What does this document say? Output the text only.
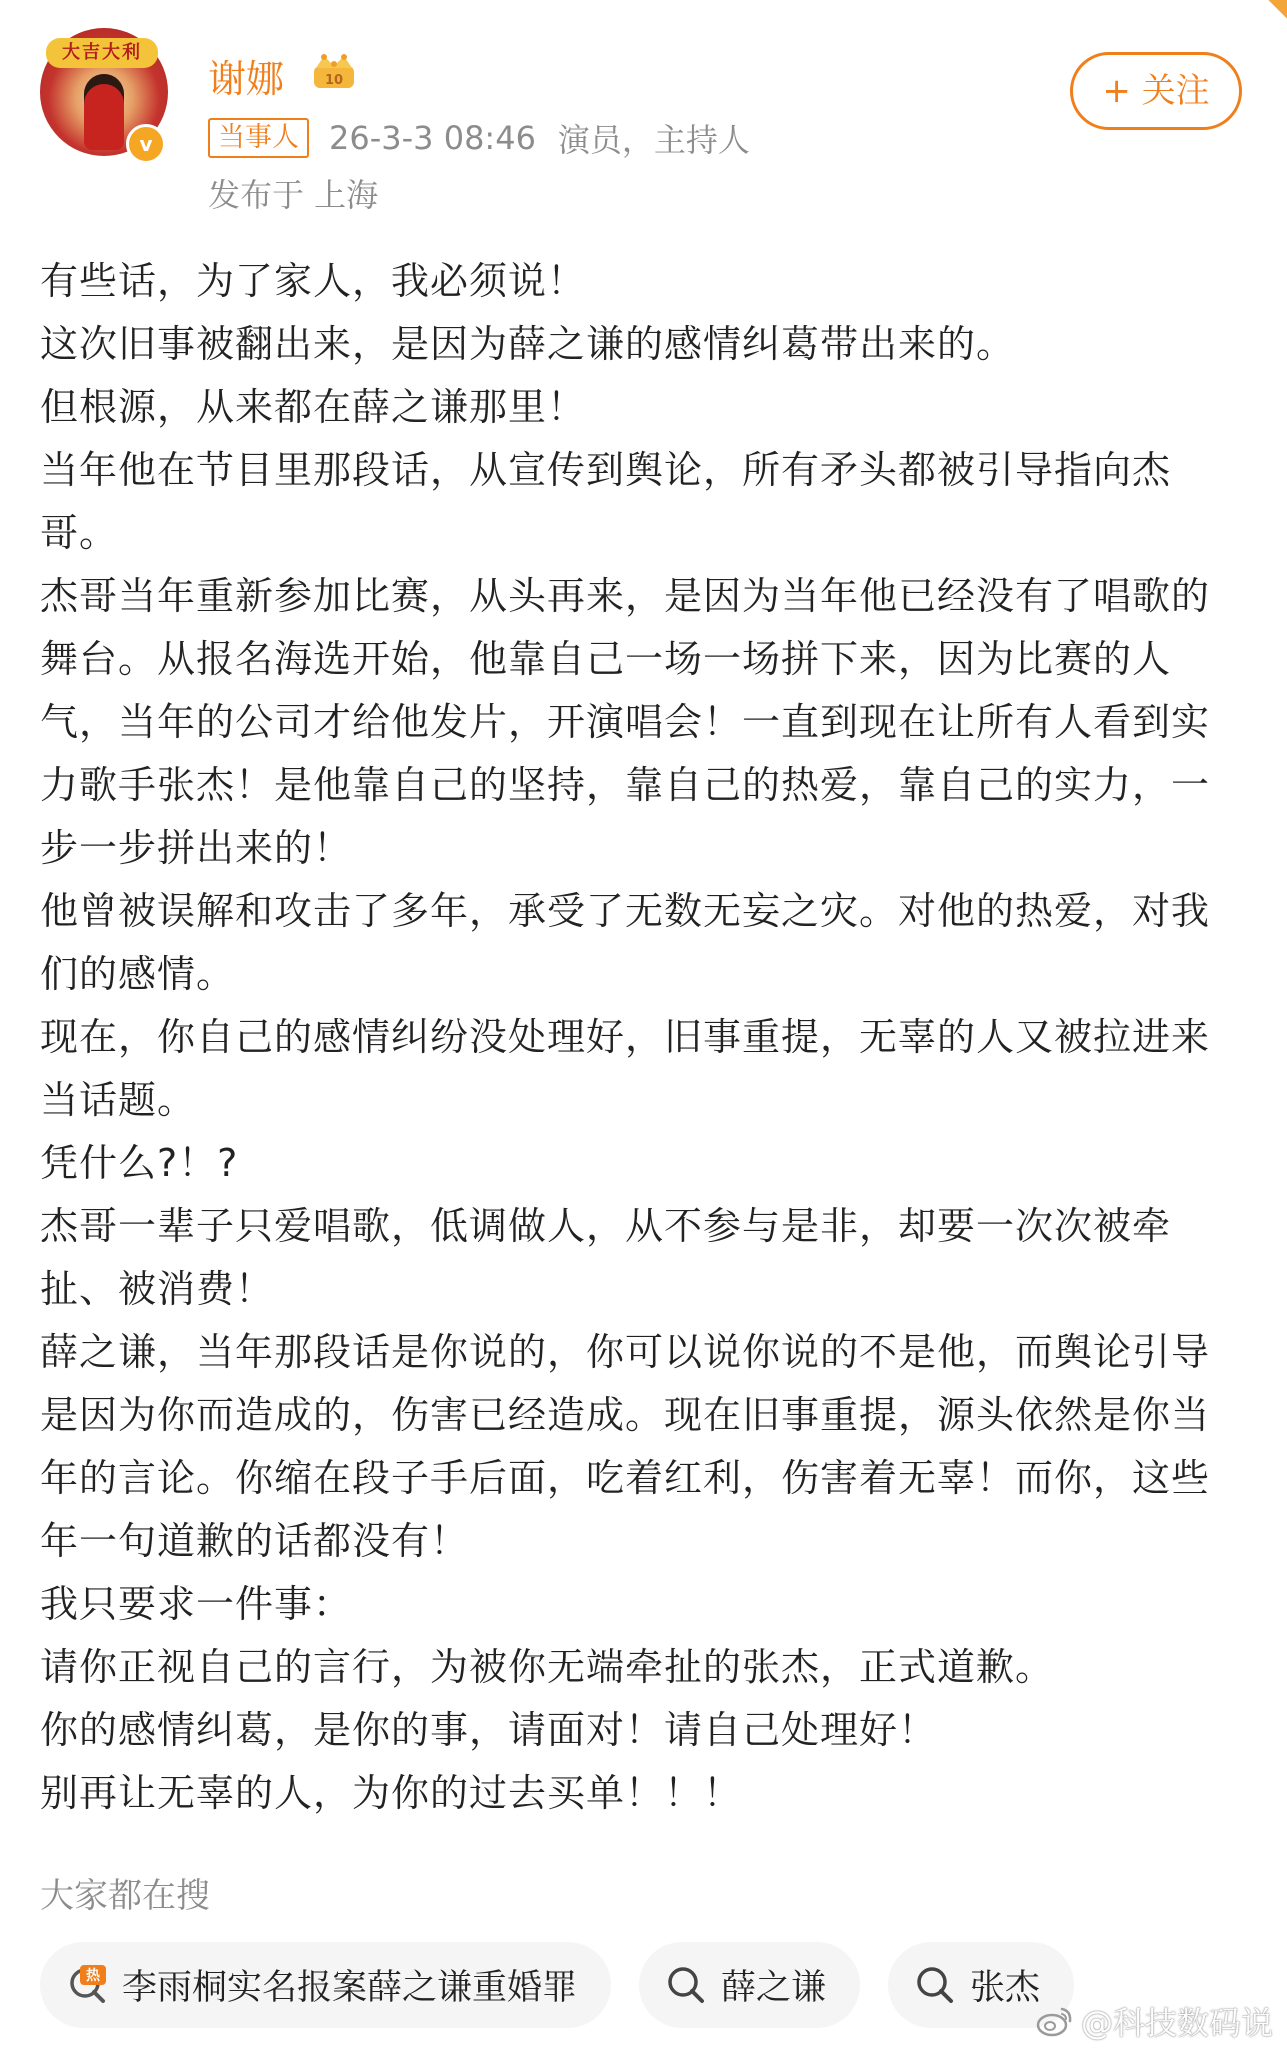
大吉大利
v
谢娜	10	+ 关注
当事人 26-3-3 08:46 演员，主持人
发布于 上海

有些话，为了家人，我必须说！

这次旧事被翻出来，是因为薛之谦的感情纠葛带出来的。

但根源，从来都在薛之谦那里！

当年他在节目里那段话，从宣传到舆论，所有矛头都被引导指向杰哥。

杰哥当年重新参加比赛，从头再来，是因为当年他已经没有了唱歌的舞台。从报名海选开始，他靠自己一场一场拼下来，因为比赛的人气，当年的公司才给他发片，开演唱会！一直到现在让所有人看到实力歌手张杰！是他靠自己的坚持，靠自己的热爱，靠自己的实力，一步一步拼出来的！

他曾被误解和攻击了多年，承受了无数无妄之灾。对他的热爱，对我们的感情。

现在，你自己的感情纠纷没处理好，旧事重提，无辜的人又被拉进来当话题。

凭什么?！?

杰哥一辈子只爱唱歌，低调做人，从不参与是非，却要一次次被牵扯、被消费！

薛之谦，当年那段话是你说的，你可以说你说的不是他，而舆论引导是因为你而造成的，伤害已经造成。现在旧事重提，源头依然是你当年的言论。你缩在段子手后面，吃着红利，伤害着无辜！而你，这些年一句道歉的话都没有！

我只要求一件事：

请你正视自己的言行，为被你无端牵扯的张杰，正式道歉。

你的感情纠葛，是你的事，请面对！请自己处理好！

别再让无辜的人，为你的过去买单！！！

大家都在搜
热 李雨桐实名报案薛之谦重婚罪	薛之谦	张杰
@科技数码说
